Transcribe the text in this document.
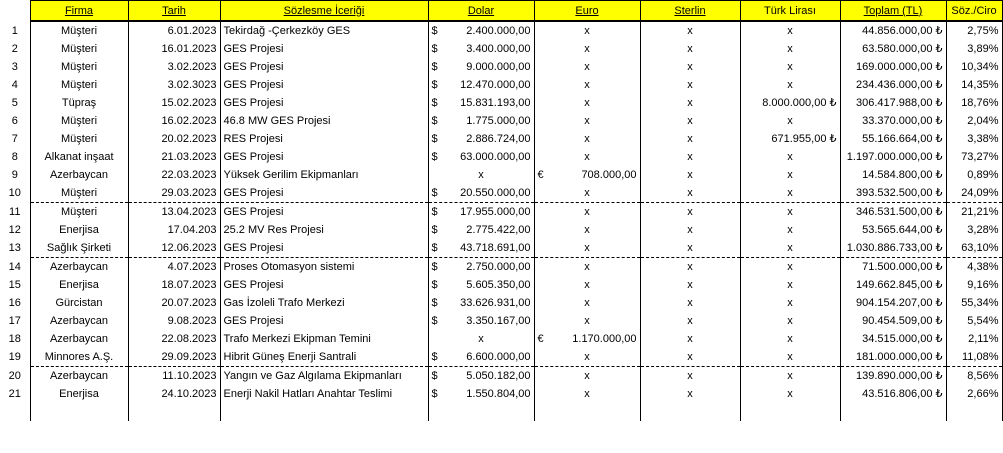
	Firma	Tarih	Sözlesme İceriği	Dolar	Euro	Sterlin	Türk Lirası	Toplam (TL)	Söz./Ciro
1	Müşteri	6.01.2023	Tekirdağ -Çerkezköy GES	$ 2.400.000,00	x	x	x	44.856.000,00 ₺	2,75%
2	Müşteri	16.01.2023	GES Projesi	$ 3.400.000,00	x	x	x	63.580.000,00 ₺	3,89%
3	Müşteri	3.02.2023	GES Projesi	$ 9.000.000,00	x	x	x	169.000.000,00 ₺	10,34%
4	Müşteri	3.02.3023	GES Projesi	$ 12.470.000,00	x	x	x	234.436.000,00 ₺	14,35%
5	Tüpraş	15.02.2023	GES Projesi	$ 15.831.193,00	x	x	8.000.000,00 ₺	306.417.988,00 ₺	18,76%
6	Müşteri	16.02.2023	46.8 MW GES Projesi	$ 1.775.000,00	x	x	x	33.370.000,00 ₺	2,04%
7	Müşteri	20.02.2023	RES Projesi	$ 2.886.724,00	x	x	671.955,00 ₺	55.166.664,00 ₺	3,38%
8	Alkanat inşaat	21.03.2023	GES Projesi	$ 63.000.000,00	x	x	x	1.197.000.000,00 ₺	73,27%
9	Azerbaycan	22.03.2023	Yüksek Gerilim Ekipmanları	x	€ 708.000,00	x	x	14.584.800,00 ₺	0,89%
10	Müşteri	29.03.2023	GES Projesi	$ 20.550.000,00	x	x	x	393.532.500,00 ₺	24,09%
11	Müşteri	13.04.2023	GES Projesi	$ 17.955.000,00	x	x	x	346.531.500,00 ₺	21,21%
12	Enerjisa	17.04.203	25.2 MV Res Projesi	$ 2.775.422,00	x	x	x	53.565.644,00 ₺	3,28%
13	Sağlık Şirketi	12.06.2023	GES Projesi	$ 43.718.691,00	x	x	x	1.030.886.733,00 ₺	63,10%
14	Azerbaycan	4.07.2023	Proses Otomasyon sistemi	$ 2.750.000,00	x	x	x	71.500.000,00 ₺	4,38%
15	Enerjisa	18.07.2023	GES Projesi	$ 5.605.350,00	x	x	x	149.662.845,00 ₺	9,16%
16	Gürcistan	20.07.2023	Gas İzoleli Trafo Merkezi	$ 33.626.931,00	x	x	x	904.154.207,00 ₺	55,34%
17	Azerbaycan	9.08.2023	GES Projesi	$ 3.350.167,00	x	x	x	90.454.509,00 ₺	5,54%
18	Azerbaycan	22.08.2023	Trafo Merkezi Ekipman Temini	x	€ 1.170.000,00	x	x	34.515.000,00 ₺	2,11%
19	Minnores A.Ş.	29.09.2023	Hibrit Güneş Enerji Santrali	$ 6.600.000,00	x	x	x	181.000.000,00 ₺	11,08%
20	Azerbaycan	11.10.2023	Yangın ve Gaz Algılama Ekipmanları	$ 5.050.182,00	x	x	x	139.890.000,00 ₺	8,56%
21	Enerjisa	24.10.2023	Enerji Nakil Hatları Anahtar Teslimi	$ 1.550.804,00	x	x	x	43.516.806,00 ₺	2,66%
